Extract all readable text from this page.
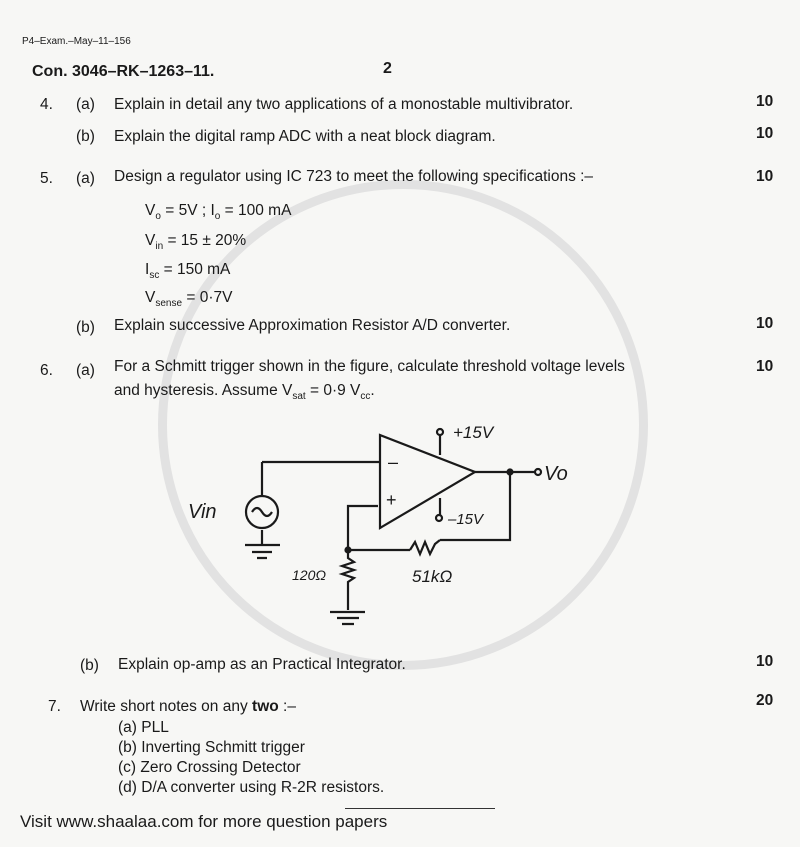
P4–Exam.–May–11–156
Con. 3046–RK–1263–11.	2
4. (a) Explain in detail any two applications of a monostable multivibrator.	10
(b) Explain the digital ramp ADC with a neat block diagram.	10
5. (a) Design a regulator using IC 723 to meet the following specifications :–	10
$V_o = 5V$ ; $I_o = 100$ mA
$V_{in} = 15 \pm 20\%$
$I_{sc} = 150$ mA
$V_{sense} = 0\cdot 7V$
(b) Explain successive Approximation Resistor A/D converter.	10
6. (a) For a Schmitt trigger shown in the figure, calculate threshold voltage levels
and hysteresis. Assume $V_{sat} = 0\cdot 9$ $V_{cc}$.
10
+15V
–15V
Vo
Vin
120Ω	51kΩ
–
+
(b) Explain op-amp as an Practical Integrator.	10
7. Write short notes on any two :–	20
(a) PLL
(b) Inverting Schmitt trigger
(c) Zero Crossing Detector
(d) D/A converter using R-2R resistors.
Visit www.shaalaa.com for more question papers
